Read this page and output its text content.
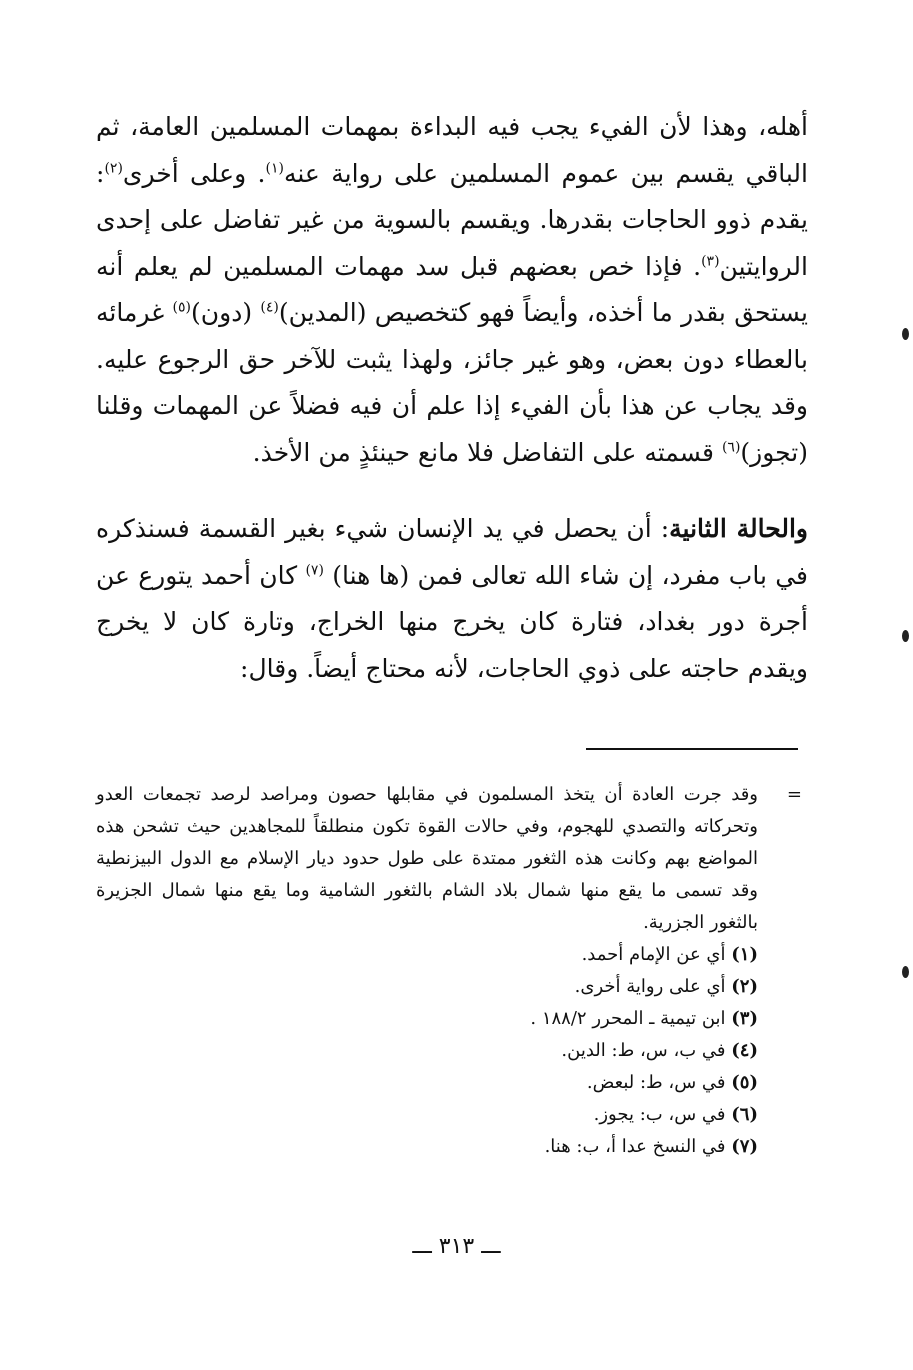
أهله، وهذا لأن الفيء يجب فيه البداءة بمهمات المسلمين العامة، ثم الباقي يقسم بين عموم المسلمين على رواية عنه$^{(١)}$. وعلى أخرى$^{(٢)}$: يقدم ذوو الحاجات بقدرها. ويقسم بالسوية من غير تفاضل على إحدى الروايتين$^{(٣)}$. فإذا خص بعضهم قبل سد مهمات المسلمين لم يعلم أنه يستحق بقدر ما أخذه، وأيضاً فهو كتخصيص (المدين)$^{(٤)}$ (دون)$^{(٥)}$ غرمائه بالعطاء دون بعض، وهو غير جائز، ولهذا يثبت للآخر حق الرجوع عليه. وقد يجاب عن هذا بأن الفيء إذا علم أن فيه فضلاً عن المهمات وقلنا (تجوز)$^{(٦)}$ قسمته على التفاضل فلا مانع حينئذٍ من الأخذ.

والحالة الثانية: أن يحصل في يد الإنسان شيء بغير القسمة فسنذكره في باب مفرد، إن شاء الله تعالى فمن (ها هنا) $^{(٧)}$ كان أحمد يتورع عن أجرة دور بغداد، فتارة كان يخرج منها الخراج، وتارة كان لا يخرج ويقدم حاجته على ذوي الحاجات، لأنه محتاج أيضاً. وقال:

=
وقد جرت العادة أن يتخذ المسلمون في مقابلها حصون ومراصد لرصد تجمعات العدو وتحركاته والتصدي للهجوم، وفي حالات القوة تكون منطلقاً للمجاهدين حيث تشحن هذه المواضع بهم وكانت هذه الثغور ممتدة على طول حدود ديار الإسلام مع الدول البيزنطية وقد تسمى ما يقع منها شمال بلاد الشام بالثغور الشامية وما يقع منها شمال الجزيرة بالثغور الجزرية.
(١) أي عن الإمام أحمد.
(٢) أي على رواية أخرى.
(٣) ابن تيمية ـ المحرر ١٨٨/٢ .
(٤) في ب، س، ط: الدين.
(٥) في س، ط: لبعض.
(٦) في س، ب: يجوز.
(٧) في النسخ عدا أ، ب: هنا.
ـــ ٣١٣ ـــ
